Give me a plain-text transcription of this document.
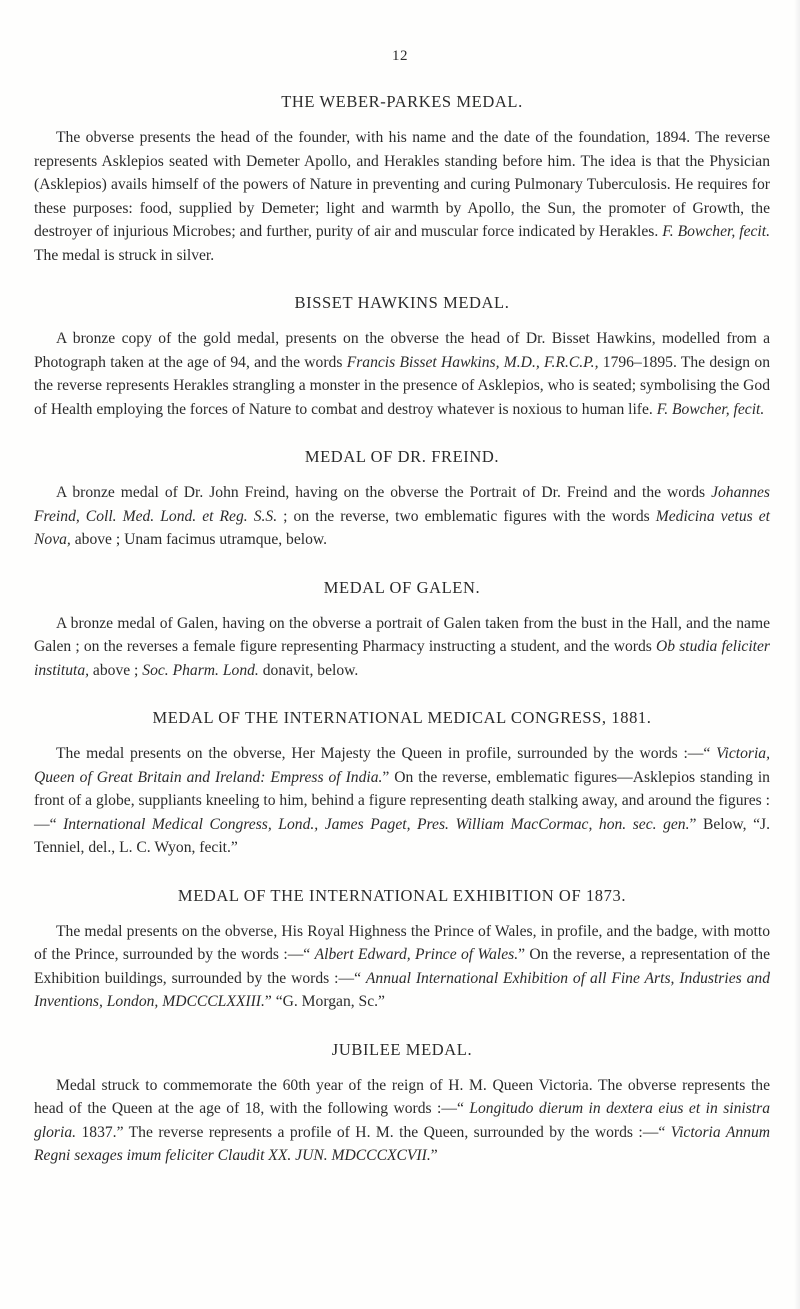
12
THE WEBER-PARKES MEDAL.

The obverse presents the head of the founder, with his name and the date of the foundation, 1894. The reverse represents Asklepios seated with Demeter Apollo, and Herakles standing before him. The idea is that the Physician (Asklepios) avails himself of the powers of Nature in preventing and curing Pulmonary Tuberculosis. He requires for these purposes: food, supplied by Demeter; light and warmth by Apollo, the Sun, the promoter of Growth, the destroyer of injurious Microbes; and further, purity of air and muscular force indicated by Herakles. F. Bowcher, fecit. The medal is struck in silver.

BISSET HAWKINS MEDAL.

A bronze copy of the gold medal, presents on the obverse the head of Dr. Bisset Hawkins, modelled from a Photograph taken at the age of 94, and the words Francis Bisset Hawkins, M.D., F.R.C.P., 1796–1895. The design on the reverse represents Herakles strangling a monster in the presence of Asklepios, who is seated; symbolising the God of Health employing the forces of Nature to combat and destroy whatever is noxious to human life. F. Bowcher, fecit.

MEDAL OF DR. FREIND.

A bronze medal of Dr. John Freind, having on the obverse the Portrait of Dr. Freind and the words Johannes Freind, Coll. Med. Lond. et Reg. S.S. ; on the reverse, two emblematic figures with the words Medicina vetus et Nova, above ; Unam facimus utramque, below.

MEDAL OF GALEN.

A bronze medal of Galen, having on the obverse a portrait of Galen taken from the bust in the Hall, and the name Galen ; on the reverses a female figure representing Pharmacy instructing a student, and the words Ob studia feliciter instituta, above ; Soc. Pharm. Lond. donavit, below.

MEDAL OF THE INTERNATIONAL MEDICAL CONGRESS, 1881.

The medal presents on the obverse, Her Majesty the Queen in profile, surrounded by the words :—“ Victoria, Queen of Great Britain and Ireland: Empress of India.” On the reverse, emblematic figures—Asklepios standing in front of a globe, suppliants kneeling to him, behind a figure representing death stalking away, and around the figures :—“ International Medical Congress, Lond., James Paget, Pres. William MacCormac, hon. sec. gen.” Below, “J. Tenniel, del., L. C. Wyon, fecit.”

MEDAL OF THE INTERNATIONAL EXHIBITION OF 1873.

The medal presents on the obverse, His Royal Highness the Prince of Wales, in profile, and the badge, with motto of the Prince, surrounded by the words :—“ Albert Edward, Prince of Wales.” On the reverse, a representation of the Exhibition buildings, surrounded by the words :—“ Annual International Exhibition of all Fine Arts, Industries and Inventions, London, MDCCCLXXIII.” “G. Morgan, Sc.”

JUBILEE MEDAL.

Medal struck to commemorate the 60th year of the reign of H. M. Queen Victoria. The obverse represents the head of the Queen at the age of 18, with the following words :—“ Longitudo dierum in dextera eius et in sinistra gloria. 1837.” The reverse represents a profile of H. M. the Queen, surrounded by the words :—“ Victoria Annum Regni sexages imum feliciter Claudit XX. JUN. MDCCCXCVII.”
